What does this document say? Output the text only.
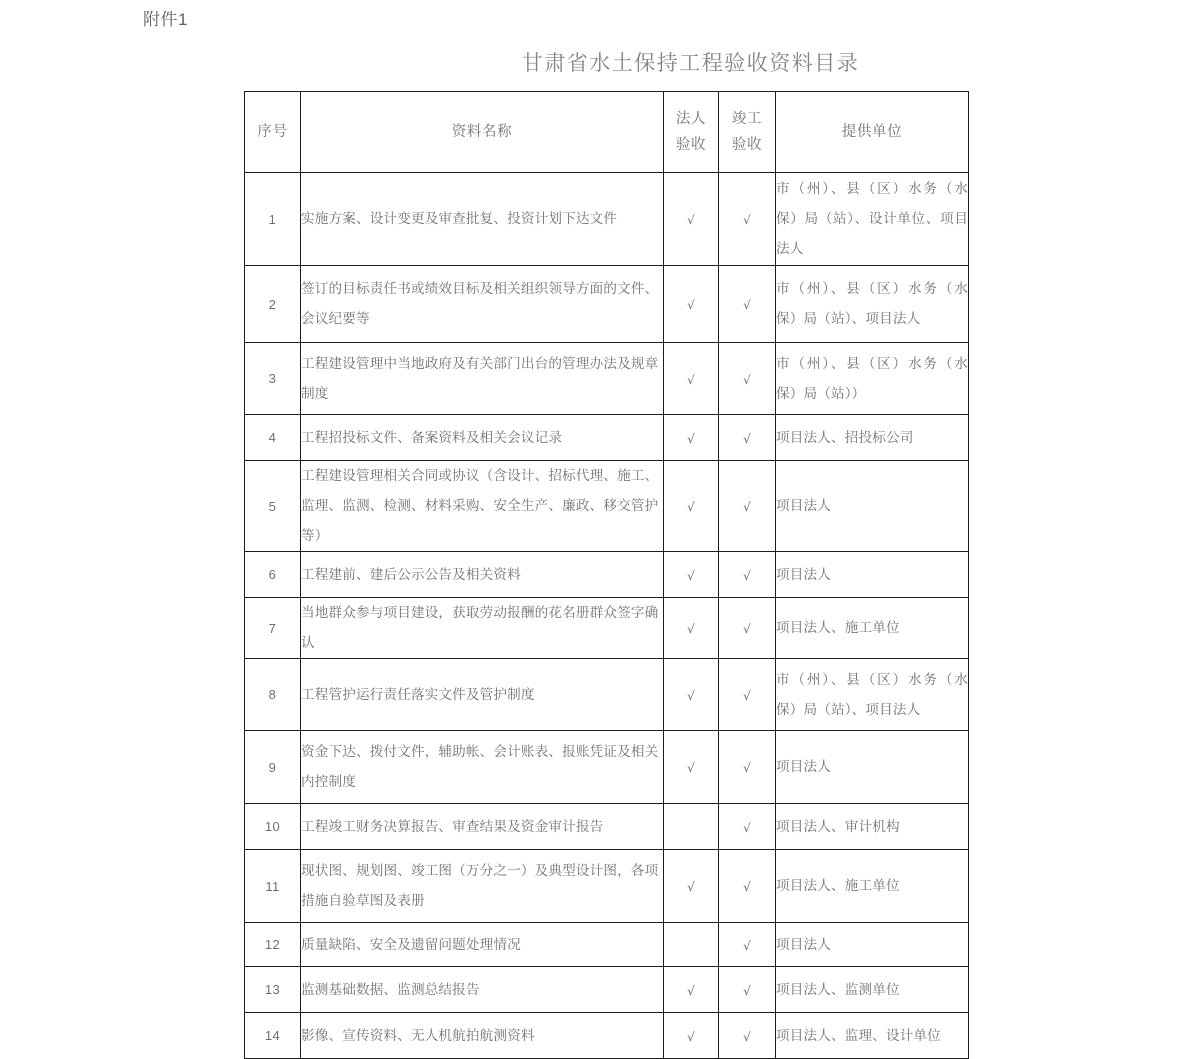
附件1
甘肃省水土保持工程验收资料目录
序号	资料名称	法人验收	竣工验收	提供单位
1	实施方案、设计变更及审查批复、投资计划下达文件	√	√	市（州）、县（区）水务（水保）局（站）、设计单位、项目法人
2	签订的目标责任书或绩效目标及相关组织领导方面的文件、会议纪要等	√	√	市（州）、县（区）水务（水保）局（站）、项目法人
3	工程建设管理中当地政府及有关部门出台的管理办法及规章制度	√	√	市（州）、县（区）水务（水保）局（站））
4	工程招投标文件、备案资料及相关会议记录	√	√	项目法人、招投标公司
5	工程建设管理相关合同或协议（含设计、招标代理、施工、监理、监测、检测、材料采购、安全生产、廉政、移交管护等）	√	√	项目法人
6	工程建前、建后公示公告及相关资料	√	√	项目法人
7	当地群众参与项目建设，获取劳动报酬的花名册群众签字确认	√	√	项目法人、施工单位
8	工程管护运行责任落实文件及管护制度	√	√	市（州）、县（区）水务（水保）局（站）、项目法人
9	资金下达、拨付文件，辅助帐、会计账表、报账凭证及相关内控制度	√	√	项目法人
10	工程竣工财务决算报告、审查结果及资金审计报告		√	项目法人、审计机构
11	现状图、规划图、竣工图（万分之一）及典型设计图，各项措施自验草图及表册	√	√	项目法人、施工单位
12	质量缺陷、安全及遗留问题处理情况		√	项目法人
13	监测基础数据、监测总结报告	√	√	项目法人、监测单位
14	影像、宣传资料、无人机航拍航测资料	√	√	项目法人、监理、设计单位
